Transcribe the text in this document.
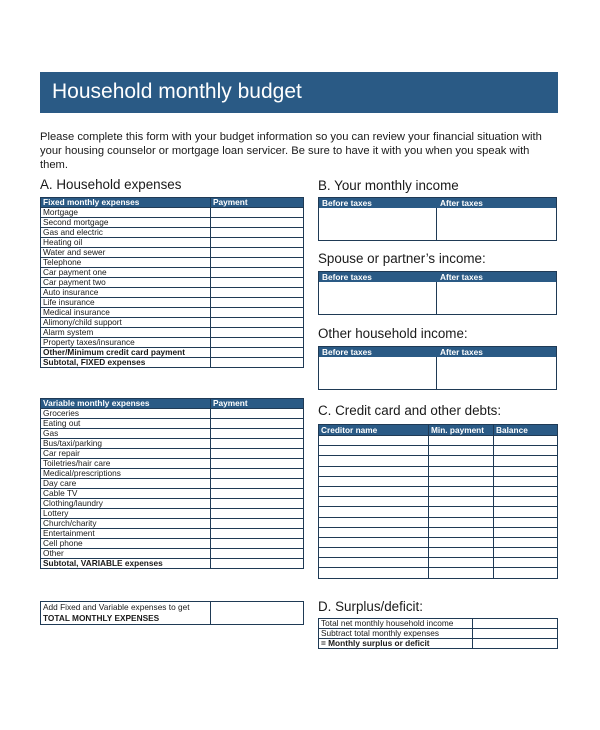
Household monthly budget
Please complete this form with your budget information so you can review your financial situation with your housing counselor or mortgage loan servicer. Be sure to have it with you when you speak with them.
A. Household expenses
Fixed monthly expenses	Payment
Mortgage	
Second mortgage	
Gas and electric	
Heating oil	
Water and sewer	
Telephone	
Car payment one	
Car payment two	
Auto insurance	
Life insurance	
Medical insurance	
Alimony/child support	
Alarm system	
Property taxes/insurance	
Other/Minimum credit card payment	
Subtotal, FIXED expenses	
Variable monthly expenses	Payment
Groceries	
Eating out	
Gas	
Bus/taxi/parking	
Car repair	
Toiletries/hair care	
Medical/prescriptions	
Day care	
Cable TV	
Clothing/laundry	
Lottery	
Church/charity	
Entertainment	
Cell phone	
Other	
Subtotal, VARIABLE expenses	
Add Fixed and Variable expenses to get
TOTAL MONTHLY EXPENSES	
B. Your monthly income
Before taxes	After taxes
Spouse or partner’s income:
Before taxes	After taxes
Other household income:
Before taxes	After taxes
C. Credit card and other debts:
Creditor name	Min. payment	Balance

D. Surplus/deficit:
Total net monthly household income	
Subtract total monthly expenses	
= Monthly surplus or deficit	
